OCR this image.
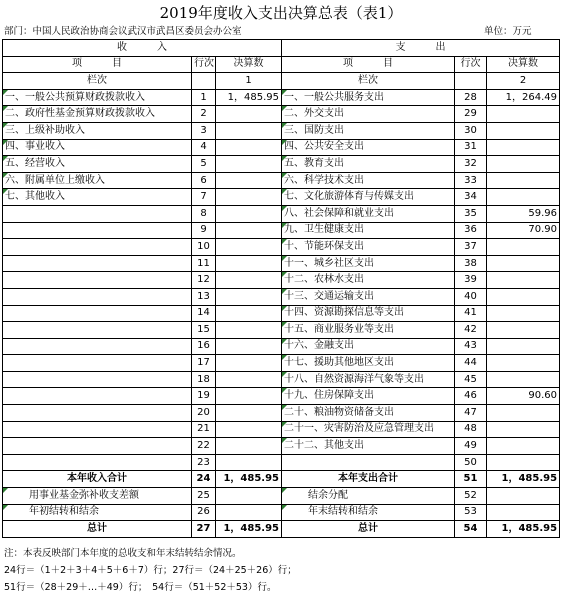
2019年度收入支出决算总表（表1）
部门：中国人民政治协商会议武汉市武昌区委员会办公室	单位：万元
收　　　入			支　　　出		
项　　　目	行次	决算数	项　　　目	行次	决算数
栏次		1	栏次		2
一、一般公共预算财政拨款收入	1	1，485.95	一、一般公共服务支出	28	1，264.49
二、政府性基金预算财政拨款收入	2		二、外交支出	29	
三、上级补助收入	3		三、国防支出	30	
四、事业收入	4		四、公共安全支出	31	
五、经营收入	5		五、教育支出	32	
六、附属单位上缴收入	6		六、科学技术支出	33	
七、其他收入	7		七、文化旅游体育与传媒支出	34	
	8		八、社会保障和就业支出	35	59.96
	9		九、卫生健康支出	36	70.90
	10		十、节能环保支出	37	
	11		十一、城乡社区支出	38	
	12		十二、农林水支出	39	
	13		十三、交通运输支出	40	
	14		十四、资源勘探信息等支出	41	
	15		十五、商业服务业等支出	42	
	16		十六、金融支出	43	
	17		十七、援助其他地区支出	44	
	18		十八、自然资源海洋气象等支出	45	
	19		十九、住房保障支出	46	90.60
	20		二十、粮油物资储备支出	47	
	21		二十一、灾害防治及应急管理支出	48	
	22		二十二、其他支出	49	
	23			50	
本年收入合计	24	1，485.95	本年支出合计	51	1，485.95
用事业基金弥补收支差额	25		结余分配	52	
年初结转和结余	26		年末结转和结余	53	
总计	27	1，485.95	总计	54	1，485.95
注：本表反映部门本年度的总收支和年末结转结余情况。
24行＝（1＋2＋3＋4＋5＋6＋7）行；27行＝（24＋25＋26）行；
51行＝（28＋29＋…＋49）行；　54行＝（51＋52＋53）行。
